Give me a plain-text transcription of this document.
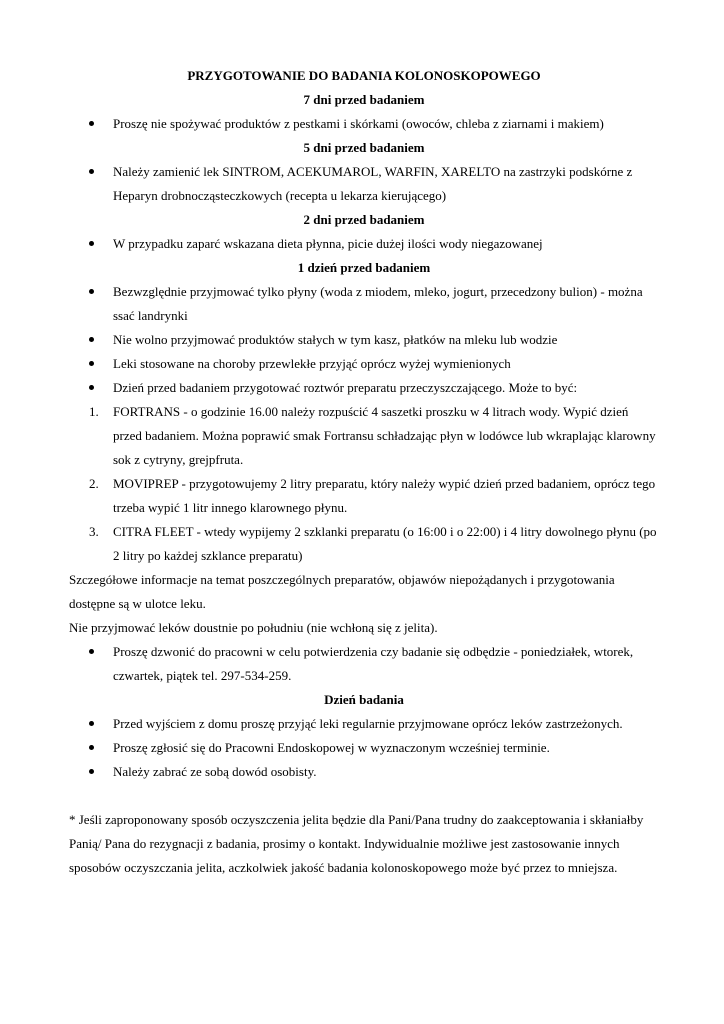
PRZYGOTOWANIE DO BADANIA KOLONOSKOPOWEGO

7 dni przed badaniem

Proszę nie spożywać produktów z pestkami i skórkami (owoców, chleba z ziarnami i makiem)

5 dni przed badaniem

Należy zamienić lek SINTROM, ACEKUMAROL, WARFIN, XARELTO na zastrzyki podskórne z Heparyn drobnocząsteczkowych (recepta u lekarza kierującego)

2 dni przed badaniem

W przypadku zaparć wskazana dieta płynna, picie dużej ilości wody niegazowanej

1 dzień przed badaniem

Bezwzględnie przyjmować tylko płyny (woda z miodem, mleko, jogurt, przecedzony bulion) - można ssać landrynki
Nie wolno przyjmować produktów stałych w tym kasz, płatków na mleku lub wodzie
Leki stosowane na choroby przewlekłe przyjąć oprócz wyżej wymienionych
Dzień przed badaniem przygotować roztwór preparatu przeczyszczającego. Może to być:
1. FORTRANS - o godzinie 16.00 należy rozpuścić 4 saszetki proszku w 4 litrach wody. Wypić dzień przed badaniem. Można poprawić smak Fortransu schładzając płyn w lodówce lub wkraplając klarowny sok z cytryny, grejpfruta.
2. MOVIPREP - przygotowujemy 2 litry preparatu, który należy wypić dzień przed badaniem, oprócz tego trzeba wypić 1 litr innego klarownego płynu.
3. CITRA FLEET - wtedy wypijemy 2 szklanki preparatu (o 16:00 i o 22:00) i 4 litry dowolnego płynu (po 2 litry po każdej szklance preparatu)

Szczegółowe informacje na temat poszczególnych preparatów, objawów niepożądanych i przygotowania dostępne są w ulotce leku.

Nie przyjmować leków doustnie po południu (nie wchłoną się z jelita).

Proszę dzwonić do pracowni w celu potwierdzenia czy badanie się odbędzie - poniedziałek, wtorek, czwartek, piątek tel. 297-534-259.

Dzień badania

Przed wyjściem z domu proszę przyjąć leki regularnie przyjmowane oprócz leków zastrzeżonych.
Proszę zgłosić się do Pracowni Endoskopowej w wyznaczonym wcześniej terminie.
Należy zabrać ze sobą dowód osobisty.

* Jeśli zaproponowany sposób oczyszczenia jelita będzie dla Pani/Pana trudny do zaakceptowania i skłaniałby Panią/ Pana do rezygnacji z badania, prosimy o kontakt. Indywidualnie możliwe jest zastosowanie innych sposobów oczyszczania jelita, aczkolwiek jakość badania kolonoskopowego może być przez to mniejsza.
